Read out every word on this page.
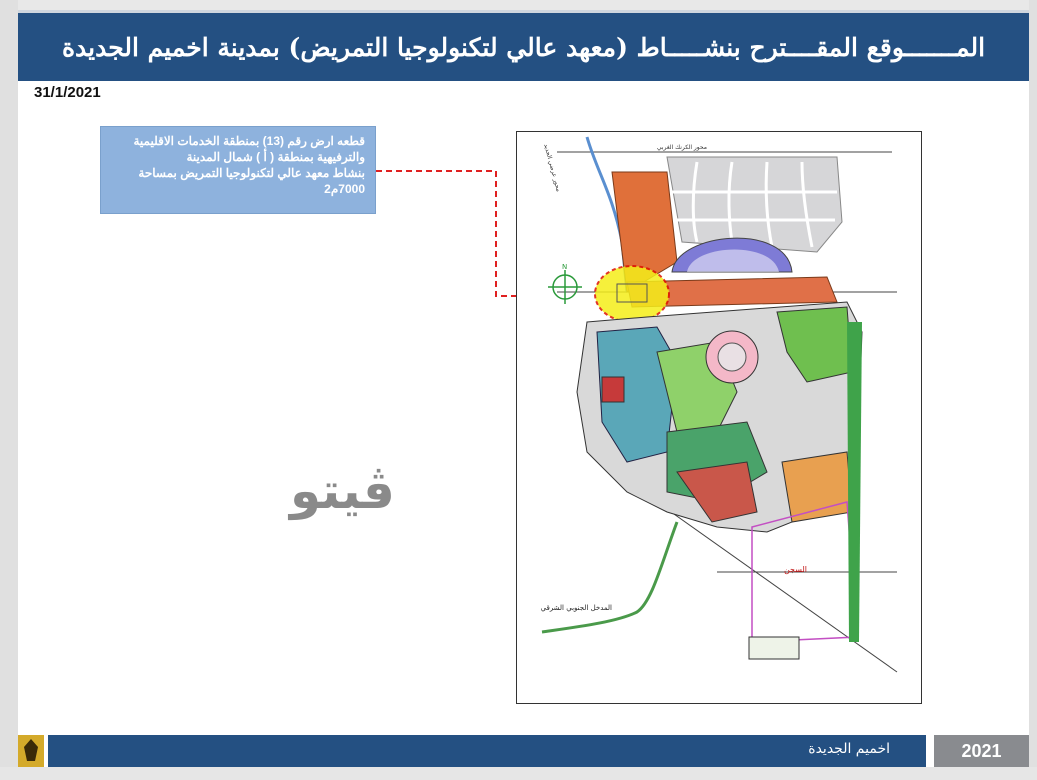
المـــــــوقع المقــــترح بنشـــــاط (معهد عالي لتكنولوجيا التمريض) بمدينة اخميم الجديدة
31/1/2021
قطعه ارض رقم (13) بمنطقة الخدمات الاقليمية
والترفيهية بمنطقة ( أ ) شمال المدينة
بنشاط معهد عالي لتكنولوجيا التمريض بمساحة
7000م2
N
السجن
المدخل الجنوبي الشرقي
محور الكرنك الغربي
محور عرضي الجديد
ڤيتو
اخميم الجديدة	2021
